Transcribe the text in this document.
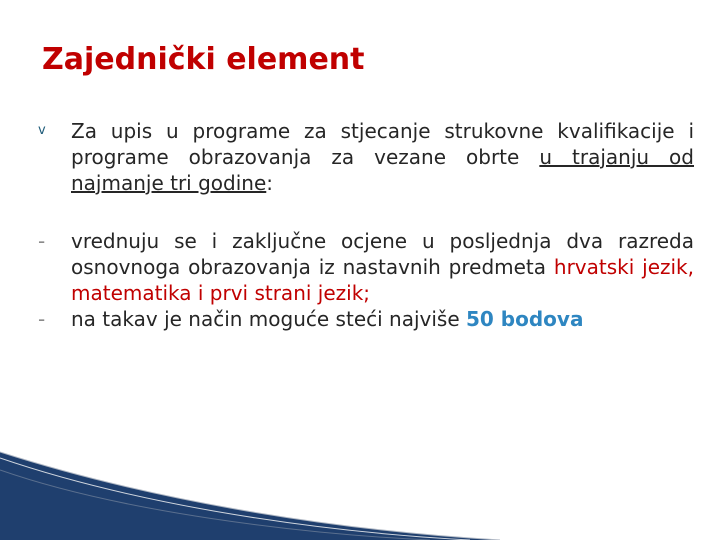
Zajednički element
v Za upis u programe za stjecanje strukovne kvalifikacije i programe obrazovanja za vezane obrte u trajanju od najmanje tri godine:
- vrednuju se i zaključne ocjene u posljednja dva razreda osnovnoga obrazovanja iz nastavnih predmeta hrvatski jezik, matematika i prvi strani jezik;
- na takav je način moguće steći najviše 50 bodova
